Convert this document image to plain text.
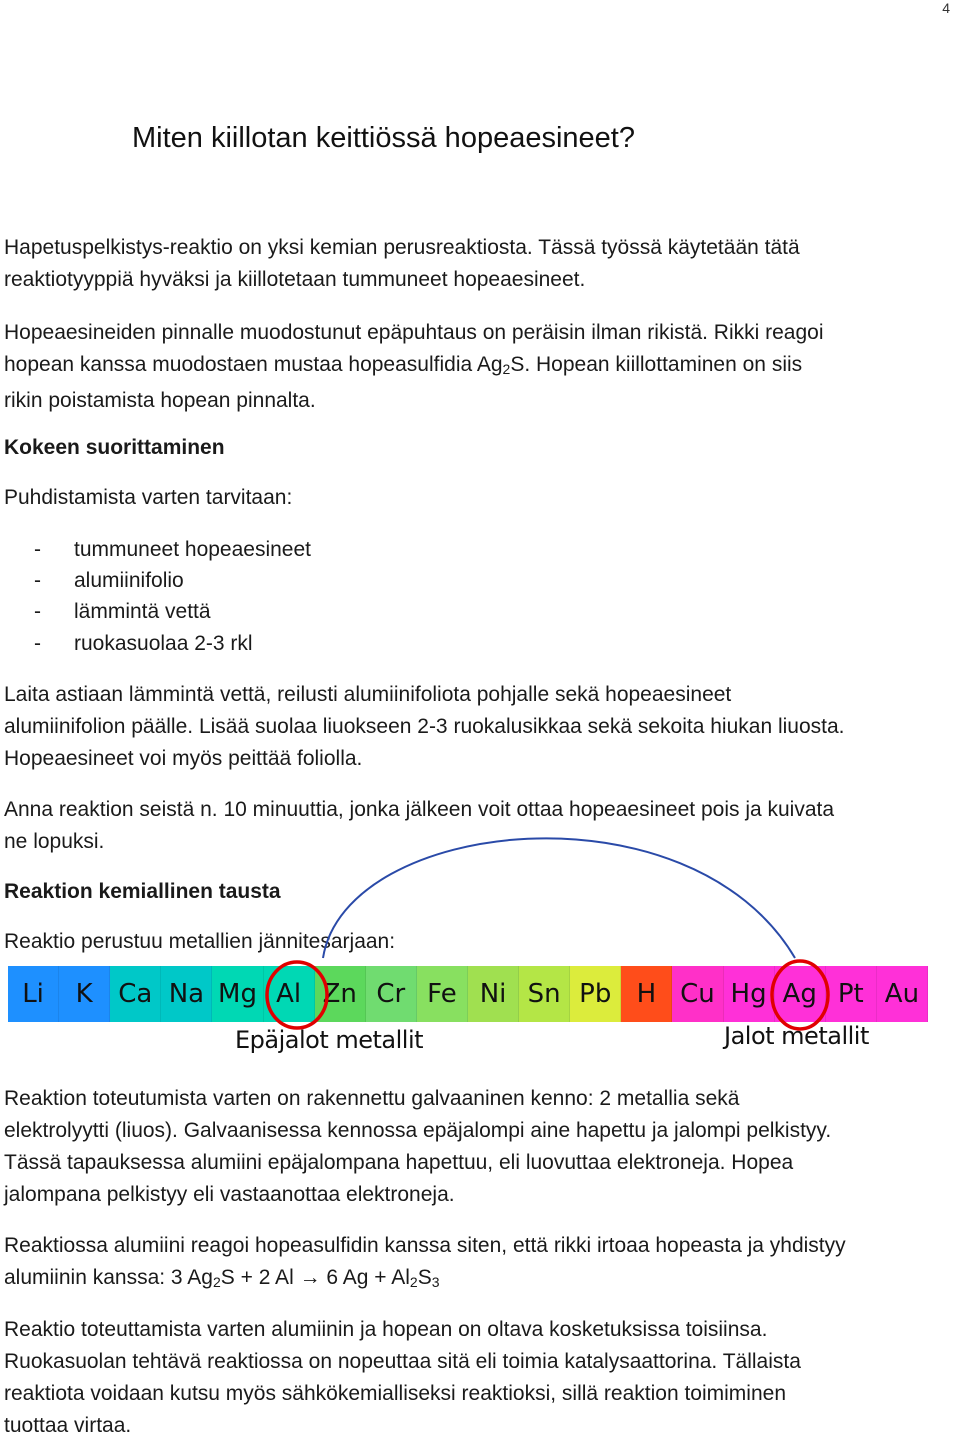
4
Miten kiillotan keittiössä hopeaesineet?
Hapetuspelkistys-reaktio on yksi kemian perusreaktiosta. Tässä työssä käytetään tätä
reaktiotyyppiä hyväksi ja kiillotetaan tummuneet hopeaesineet.
Hopeaesineiden pinnalle muodostunut epäpuhtaus on peräisin ilman rikistä. Rikki reagoi
hopean kanssa muodostaen mustaa hopeasulfidia $Ag_2S$. Hopean kiillottaminen on siis
rikin poistamista hopean pinnalta.
Kokeen suorittaminen
Puhdistamista varten tarvitaan:
- tummuneet hopeaesineet
- alumiinifolio
- lämmintä vettä
- ruokasuolaa 2-3 rkl
Laita astiaan lämmintä vettä, reilusti alumiinifoliota pohjalle sekä hopeaesineet
alumiinifolion päälle. Lisää suolaa liuokseen 2-3 ruokalusikkaa sekä sekoita hiukan liuosta.
Hopeaesineet voi myös peittää foliolla.
Anna reaktion seistä n. 10 minuuttia, jonka jälkeen voit ottaa hopeaesineet pois ja kuivata
ne lopuksi.
Reaktion kemiallinen tausta
Reaktio perustuu metallien jännitesarjaan:
Li	K Ca Na Mg Al Zn Cr Fe Ni Sn Pb H Cu Hg Ag Pt Au
Epäjalot metallit	Jalot metallit
Reaktion toteutumista varten on rakennettu galvaaninen kenno: 2 metallia sekä
elektrolyytti (liuos). Galvaanisessa kennossa epäjalompi aine hapettu ja jalompi pelkistyy.
Tässä tapauksessa alumiini epäjalompana hapettuu, eli luovuttaa elektroneja. Hopea
jalompana pelkistyy eli vastaanottaa elektroneja.
Reaktiossa alumiini reagoi hopeasulfidin kanssa siten, että rikki irtoaa hopeasta ja yhdistyy
alumiinin kanssa: 3 $Ag_2S + 2$ Al → 6 $Ag + Al_2S_3$
Reaktio toteuttamista varten alumiinin ja hopean on oltava kosketuksissa toisiinsa.
Ruokasuolan tehtävä reaktiossa on nopeuttaa sitä eli toimia katalysaattorina. Tällaista
reaktiota voidaan kutsu myös sähkökemialliseksi reaktioksi, sillä reaktion toimiminen
tuottaa virtaa.
